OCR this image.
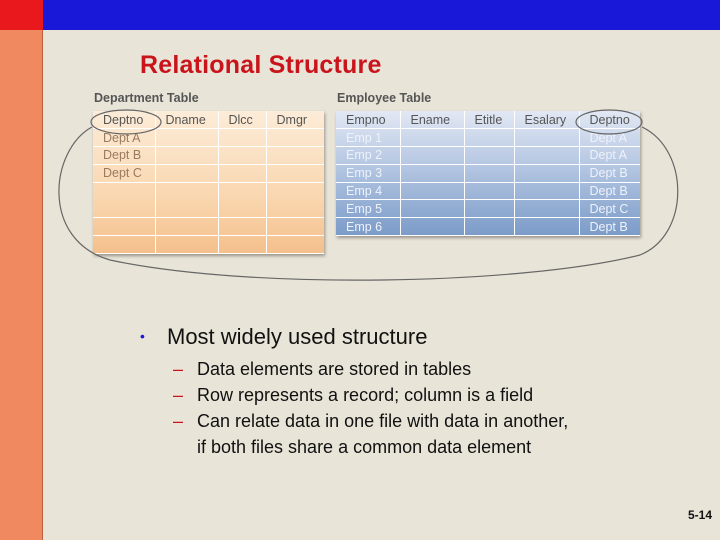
Relational Structure
Department Table	Employee Table
Deptno	Dname	Dlcc	Dmgr
Dept A			
Dept B			
Dept C			

Empno	Ename	Etitle	Esalary	Deptno
Emp 1				Dept A
Emp 2				Dept A
Emp 3				Dept B
Emp 4				Dept B
Emp 5				Dept C
Emp 6				Dept B
•	Most widely used structure
– Data elements are stored in tables
– Row represents a record; column is a field
– Can relate data in one file with data in another,
if both files share a common data element
5-14
